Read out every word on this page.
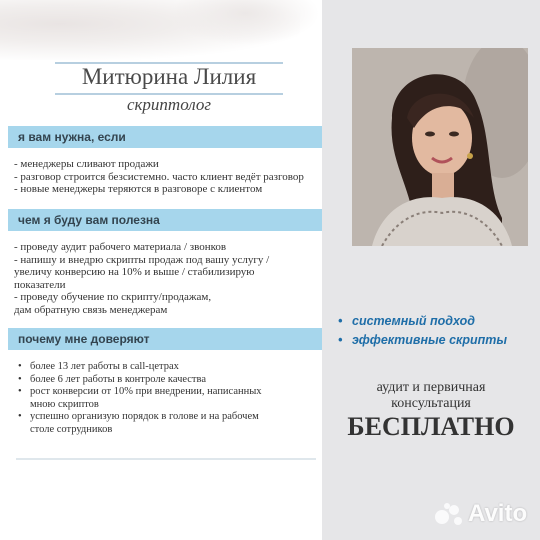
Митюрина Лилия
скриптолог
я вам нужна, если
- менеджеры сливают продажи
- разговор строится безсистемно. часто клиент ведёт разговор
- новые менеджеры теряются в разговоре с клиентом
чем я буду вам полезна
- проведу аудит рабочего материала / звонков
- напишу и внедрю скрипты продаж под вашу услугу /
увеличу конверсию на 10% и выше / стабилизирую
показатели
- проведу обучение по скрипту/продажам,
дам обратную связь менеджерам
почему мне доверяют
• более 13 лет работы в call-цетрах
• более 6 лет работы в контроле качества
• рост конверсии от 10% при внедрении, написанных
мною скриптов
• успешно организую порядок в голове и на рабочем
столе сотрудников
• системный подход
• эффективные скрипты
аудит и первичная
консультация
БЕСПЛАТНО
Avito
